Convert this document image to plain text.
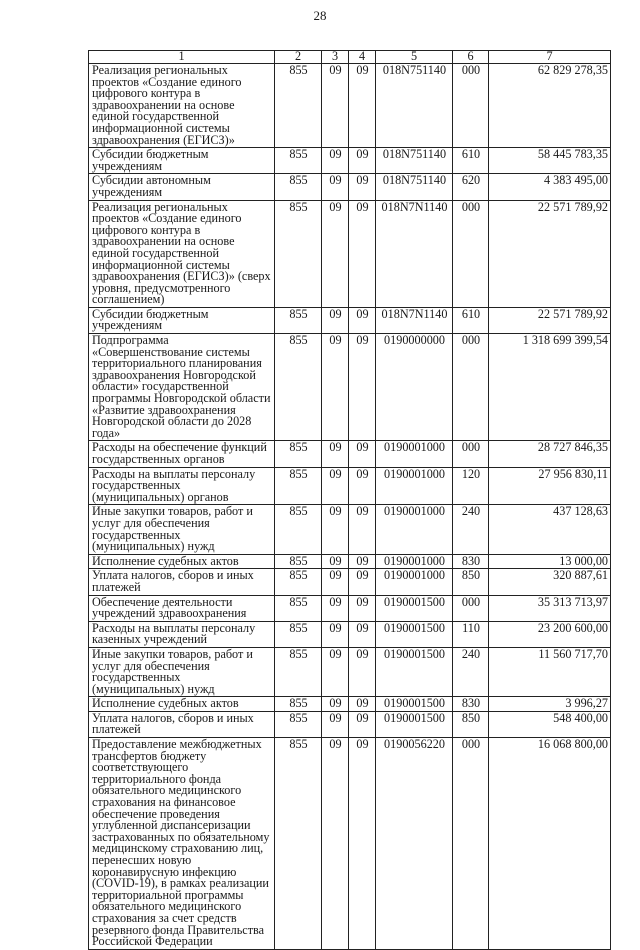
28
1	2	3	4	5	6	7
Реализация региональных проектов «Создание единого цифрового контура в здравоохранении на основе единой государственной информационной системы здравоохранения (ЕГИСЗ)»	855	09	09	018N751140	000	62 829 278,35
Субсидии бюджетным учреждениям	855	09	09	018N751140	610	58 445 783,35
Субсидии автономным учреждениям	855	09	09	018N751140	620	4 383 495,00
Реализация региональных проектов «Создание единого цифрового контура в здравоохранении на основе единой государственной информационной системы здравоохранения (ЕГИСЗ)» (сверх уровня, предусмотренного соглашением)	855	09	09	018N7N1140	000	22 571 789,92
Субсидии бюджетным учреждениям	855	09	09	018N7N1140	610	22 571 789,92
Подпрограмма «Совершенствование системы территориального планирования здравоохранения Новгородской области» государственной программы Новгородской области «Развитие здравоохранения Новгородской области до 2028 года»	855	09	09	0190000000	000	1 318 699 399,54
Расходы на обеспечение функций государственных органов	855	09	09	0190001000	000	28 727 846,35
Расходы на выплаты персоналу государственных (муниципальных) органов	855	09	09	0190001000	120	27 956 830,11
Иные закупки товаров, работ и услуг для обеспечения государственных (муниципальных) нужд	855	09	09	0190001000	240	437 128,63
Исполнение судебных актов	855	09	09	0190001000	830	13 000,00
Уплата налогов, сборов и иных платежей	855	09	09	0190001000	850	320 887,61
Обеспечение деятельности учреждений здравоохранения	855	09	09	0190001500	000	35 313 713,97
Расходы на выплаты персоналу казенных учреждений	855	09	09	0190001500	110	23 200 600,00
Иные закупки товаров, работ и услуг для обеспечения государственных (муниципальных) нужд	855	09	09	0190001500	240	11 560 717,70
Исполнение судебных актов	855	09	09	0190001500	830	3 996,27
Уплата налогов, сборов и иных платежей	855	09	09	0190001500	850	548 400,00
Предоставление межбюджетных трансфертов бюджету соответствующего территориального фонда обязательного медицинского страхования на финансовое обеспечение проведения углубленной диспансеризации застрахованных по обязательному медицинскому страхованию лиц, перенесших новую коронавирусную инфекцию (COVID-19), в рамках реализации территориальной программы обязательного медицинского страхования за счет средств резервного фонда Правительства Российской Федерации	855	09	09	0190056220	000	16 068 800,00
